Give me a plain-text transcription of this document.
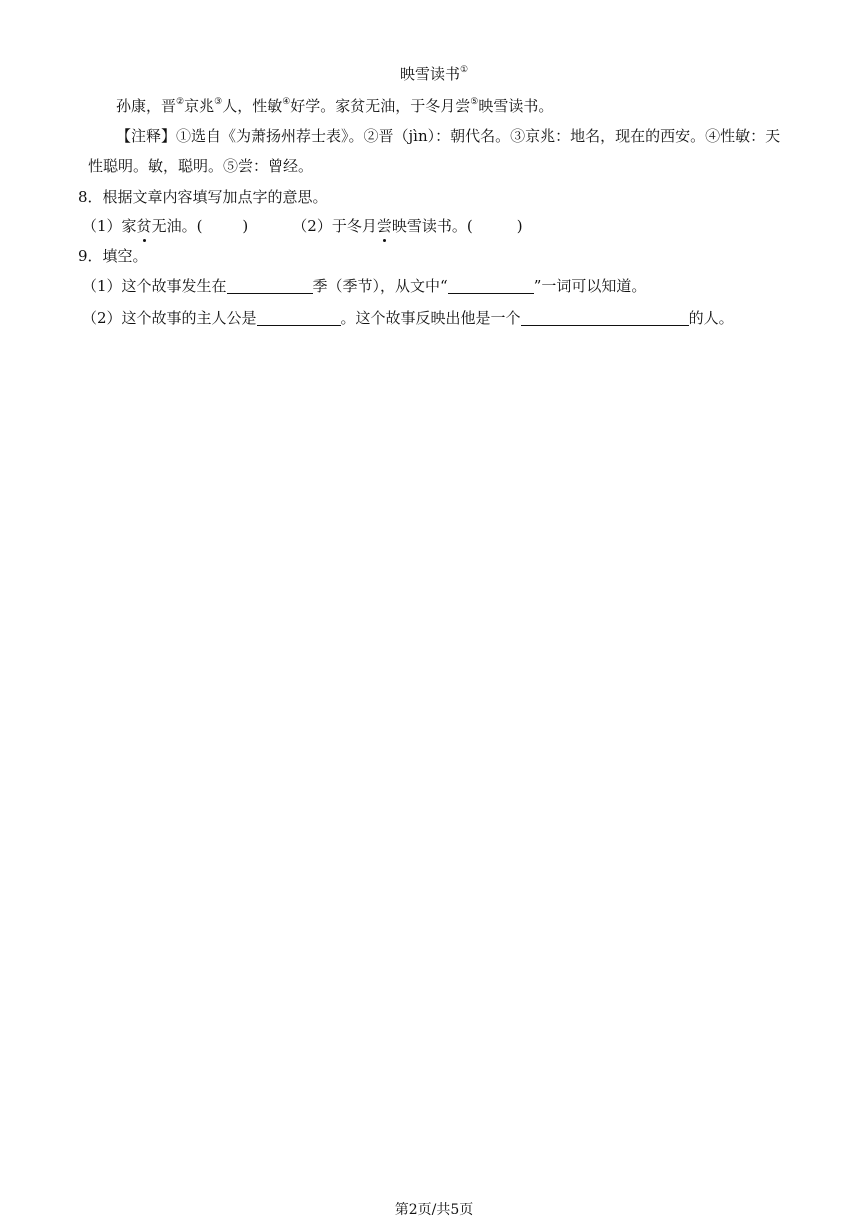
映雪读书①
孙康，晋②京兆③人，性敏④好学。家贫无油，于冬月尝⑤映雪读书。
【注释】①选自《为萧扬州荐士表》。②晋（jìn）：朝代名。③京兆：地名，现在的西安。④性敏：天
性聪明。敏，聪明。⑤尝：曾经。
8．根据文章内容填写加点字的意思。
（1）家贫无油。(	)	（2）于冬月尝映雪读书。(	)
9．填空。
（1）这个故事发生在	季（季节），从文中“	”一词可以知道。
（2）这个故事的主人公是	。这个故事反映出他是一个	的人。
第2页/共5页
